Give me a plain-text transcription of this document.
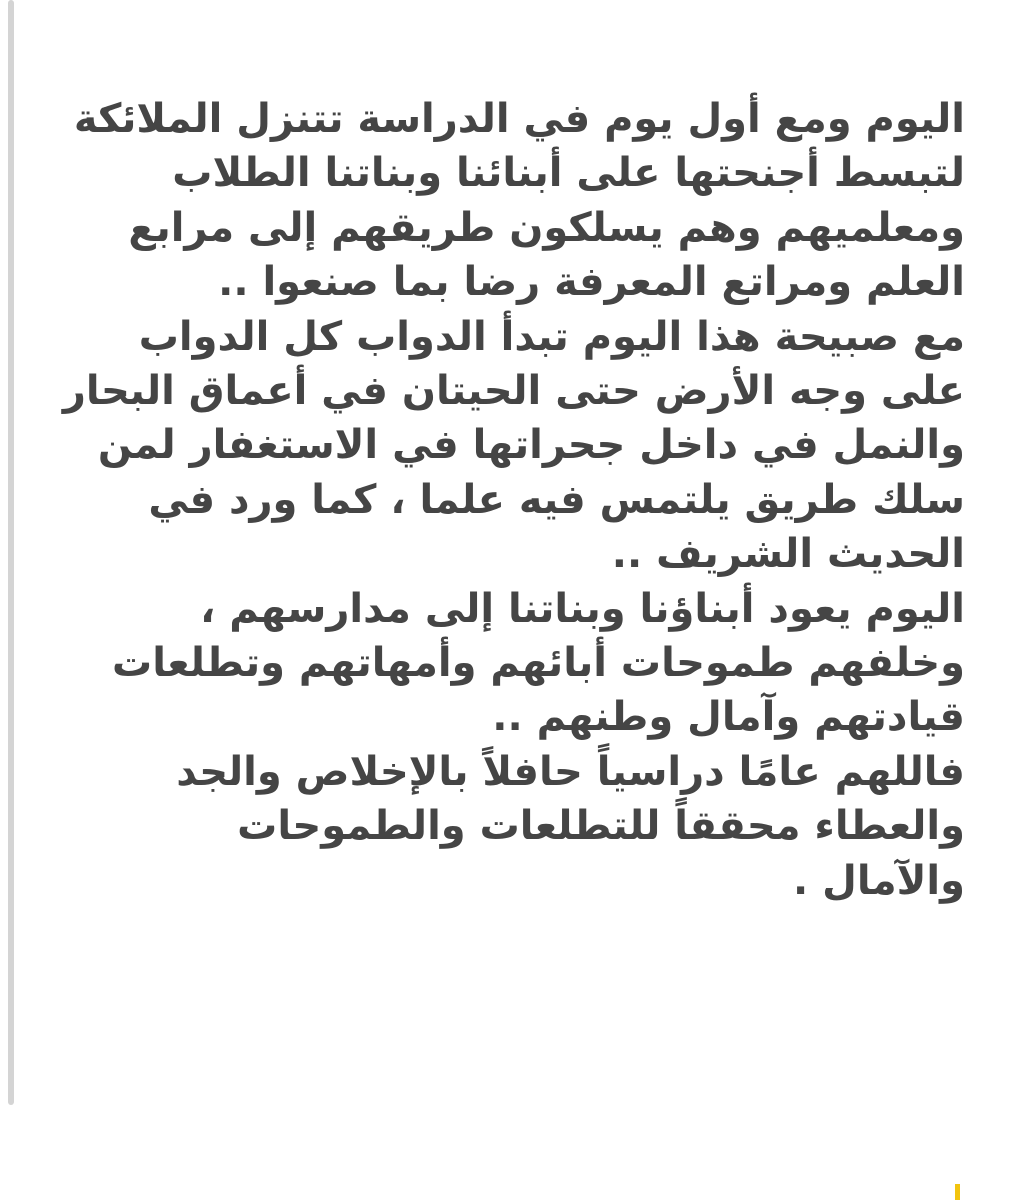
اليوم ومع أول يوم في الدراسة تتنزل الملائكة

لتبسط أجنحتها على أبنائنا وبناتنا الطلاب

ومعلميهم وهم يسلكون طريقهم إلى مرابع

العلم ومراتع المعرفة رضا بما صنعوا ..

مع صبيحة هذا اليوم تبدأ الدواب كل الدواب

على وجه الأرض حتى الحيتان في أعماق البحار

والنمل في داخل جحراتها في الاستغفار لمن

سلك طريق يلتمس فيه علما ، كما ورد في

الحديث الشريف ..

اليوم يعود أبناؤنا وبناتنا إلى مدارسهم ،

وخلفهم طموحات أبائهم وأمهاتهم وتطلعات

قيادتهم وآمال وطنهم ..

فاللهم عامًا دراسياً حافلاً بالإخلاص والجد

والعطاء محققاً للتطلعات والطموحات

والآمال .
